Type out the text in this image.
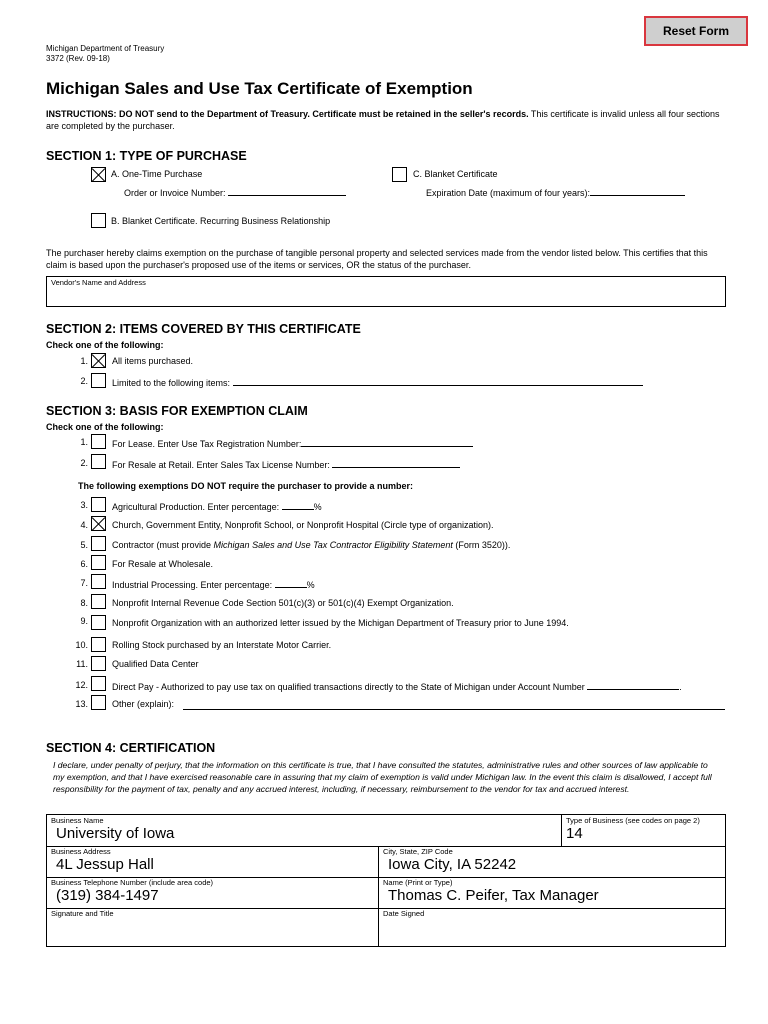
Reset Form
Michigan Department of Treasury
3372 (Rev. 09-18)
Michigan Sales and Use Tax Certificate of Exemption
INSTRUCTIONS: DO NOT send to the Department of Treasury. Certificate must be retained in the seller's records. This certificate is invalid unless all four sections are completed by the purchaser.
SECTION 1: TYPE OF PURCHASE
A. One-Time Purchase
Order or Invoice Number:
C. Blanket Certificate
Expiration Date (maximum of four years):
B. Blanket Certificate. Recurring Business Relationship
The purchaser hereby claims exemption on the purchase of tangible personal property and selected services made from the vendor listed below. This certifies that this claim is based upon the purchaser's proposed use of the items or services, OR the status of the purchaser.
Vendor's Name and Address
SECTION 2: ITEMS COVERED BY THIS CERTIFICATE
Check one of the following:
1.	All items purchased.
2.	Limited to the following items:
SECTION 3: BASIS FOR EXEMPTION CLAIM
Check one of the following:
1.	For Lease. Enter Use Tax Registration Number:
2.	For Resale at Retail. Enter Sales Tax License Number:
The following exemptions DO NOT require the purchaser to provide a number:
3.	Agricultural Production. Enter percentage:	%
4.	Church, Government Entity, Nonprofit School, or Nonprofit Hospital (Circle type of organization).
5.	Contractor (must provide Michigan Sales and Use Tax Contractor Eligibility Statement (Form 3520)).
6.	For Resale at Wholesale.
7.	Industrial Processing. Enter percentage:	%
8.	Nonprofit Internal Revenue Code Section 501(c)(3) or 501(c)(4) Exempt Organization.
9.	Nonprofit Organization with an authorized letter issued by the Michigan Department of Treasury prior to June 1994.
10.	Rolling Stock purchased by an Interstate Motor Carrier.
11.	Qualified Data Center
12.	Direct Pay - Authorized to pay use tax on qualified transactions directly to the State of Michigan under Account Number	.
13.	Other (explain):
SECTION 4: CERTIFICATION
I declare, under penalty of perjury, that the information on this certificate is true, that I have consulted the statutes, administrative rules and other sources of law applicable to my exemption, and that I have exercised reasonable care in assuring that my claim of exemption is valid under Michigan law. In the event this claim is disallowed, I accept full responsibility for the payment of tax, penalty and any accrued interest, including, if necessary, reimbursement to the vendor for tax and accrued interest.
Business Name
University of Iowa
Type of Business (see codes on page 2)
14
Business Address
4L Jessup Hall
City, State, ZIP Code
Iowa City, IA 52242
Business Telephone Number (include area code)
(319) 384-1497
Name (Print or Type)
Thomas C. Peifer, Tax Manager
Signature and Title	Date Signed
